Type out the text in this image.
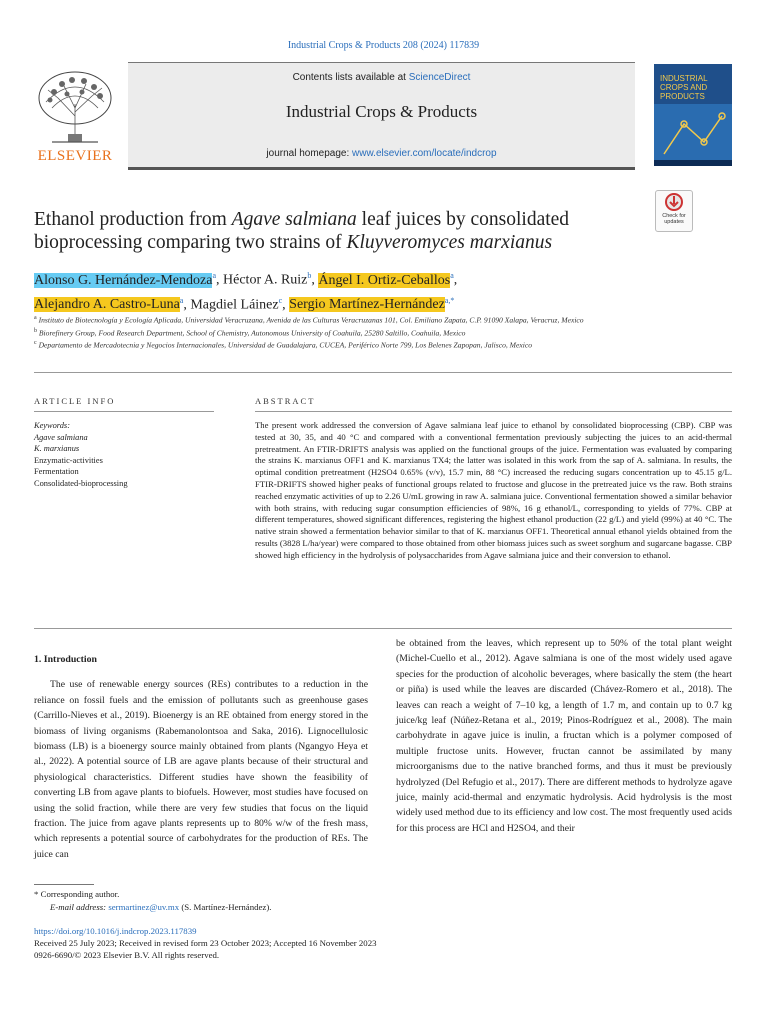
Industrial Crops & Products 208 (2024) 117839
Contents lists available at ScienceDirect
Industrial Crops & Products
journal homepage: www.elsevier.com/locate/indcrop
ELSEVIER
INDUSTRIAL CROPS AND PRODUCTS
Check for updates
Ethanol production from Agave salmiana leaf juices by consolidated bioprocessing comparing two strains of Kluyveromyces marxianus
Alonso G. Hernández-Mendoza$^a$, Héctor A. Ruiz$^b$, Ángel I. Ortiz-Ceballos$^a$,
Alejandro A. Castro-Luna$^a$, Magdiel Láinez$^c$, Sergio Martínez-Hernández$^{a,*}$
$^a$ Instituto de Biotecnología y Ecología Aplicada, Universidad Veracruzana, Avenida de las Culturas Veracruzanas 101, Col. Emiliano Zapata, C.P. 91090 Xalapa, Veracruz, Mexico
$^b$ Biorefinery Group, Food Research Department, School of Chemistry, Autonomous University of Coahuila, 25280 Saltillo, Coahuila, Mexico
$^c$ Departamento de Mercadotecnia y Negocios Internacionales, Universidad de Guadalajara, CUCEA, Periférico Norte 799, Los Belenes Zapopan, Jalisco, Mexico
ARTICLE INFO	ABSTRACT
Keywords:
Agave salmiana
K. marxianus
Enzymatic-activities
Fermentation
Consolidated-bioprocessing
The present work addressed the conversion of Agave salmiana leaf juice to ethanol by consolidated bioprocessing (CBP). CBP was tested at 30, 35, and 40 °C and compared with a conventional fermentation previously subjecting the juices to an acid-thermal pretreatment. An FTIR-DRIFTS analysis was applied on the functional groups of the juice. Fermentation was evaluated by comparing the strains K. marxianus OFF1 and K. marxianus TX4; the latter was isolated in this work from the sap of A. salmiana. In results, the optimal condition pretreatment (H2SO4 0.65% (v/v), 15.7 min, 88 °C) increased the reducing sugars concentration up to 45.15 g/L. FTIR-DRIFTS showed higher peaks of functional groups related to fructose and glucose in the pretreated juice vs the raw. Both strains reached enzymatic activities of up to 2.26 U/mL growing in raw A. salmiana juice. Conventional fermentation showed a similar behavior with both strains, with reducing sugar consumption efficiencies of 98%, 16 g ethanol/L, corresponding to yields of 77%. CBP at different temperatures, showed significant differences, registering the highest ethanol production (22 g/L) and yield (99%) at 40 °C. The native strain showed a fermentation behavior similar to that of K. marxianus OFF1. Theoretical annual ethanol yields obtained from the results (3828 L/ha/year) were compared to those obtained from other biomass juices such as sweet sorghum and sugarcane bagasse. CBP showed high efficiency in the hydrolysis of polysaccharides from Agave salmiana juice and their conversion to ethanol.
1. Introduction
The use of renewable energy sources (REs) contributes to a reduction in the reliance on fossil fuels and the emission of pollutants such as greenhouse gases (Carrillo-Nieves et al., 2019). Bioenergy is an RE obtained from energy stored in the biomass of living organisms (Rabemanolontsoa and Saka, 2016). Lignocellulosic biomass (LB) is a bioenergy source mainly obtained from plants (Ngangyo Heya et al., 2022). A potential source of LB are agave plants because of their structural and physiological characteristics. Different studies have shown the feasibility of converting LB from agave plants to biofuels. However, most studies have focused on using the solid fraction, while there are very few studies that focus on the liquid fraction. The juice from agave plants represents up to 80% w/w of the fresh mass, which represents a potential source of carbohydrates for the production of REs. The juice can
be obtained from the leaves, which represent up to 50% of the total plant weight (Michel-Cuello et al., 2012). Agave salmiana is one of the most widely used agave species for the production of alcoholic beverages, where basically the stem (the heart or piña) is used while the leaves are discarded (Chávez-Romero et al., 2018). The leaves can reach a weight of 7–10 kg, a length of 1.7 m, and contain up to 0.7 kg juice/kg leaf (Núñez-Retana et al., 2019; Pinos-Rodríguez et al., 2008). The main carbohydrate in agave juice is inulin, a fructan which is a polymer composed of multiple fructose units. However, fructan cannot be assimilated by many microorganisms due to the native branched forms, and thus it must be previously hydrolyzed (Del Refugio et al., 2017). There are different methods to hydrolyze agave juice, mainly acid-thermal and enzymatic hydrolysis. Acid hydrolysis is the most widely used method due to its efficiency and low cost. The most frequently used acids for this process are HCl and H2SO4, and their
* Corresponding author.
E-mail address: sermartinez@uv.mx (S. Martínez-Hernández).
https://doi.org/10.1016/j.indcrop.2023.117839
Received 25 July 2023; Received in revised form 23 October 2023; Accepted 16 November 2023
0926-6690/© 2023 Elsevier B.V. All rights reserved.
